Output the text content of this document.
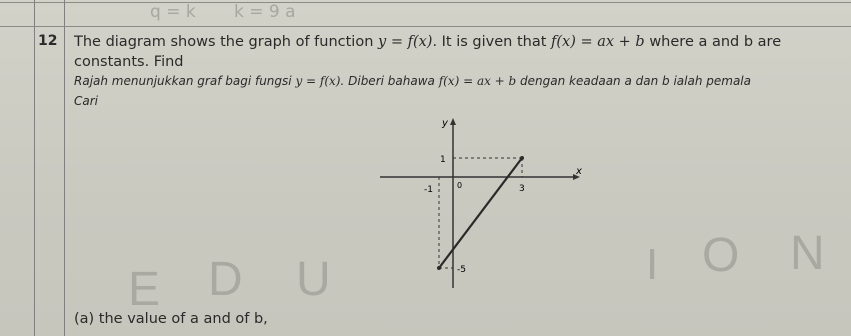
q = k k = 9 a
12 The diagram shows the graph of function y = f(x). It is given that f(x) = ax + b where a and b are
constants. Find
Rajah menunjukkan graf bagi fungsi y = f(x). Diberi bahawa f(x) = ax + b dengan keadaan a dan b ialah pemala
Cari
E D U	I O N
y
x
1
-1	0	3
-5
(a) the value of a and of b,
